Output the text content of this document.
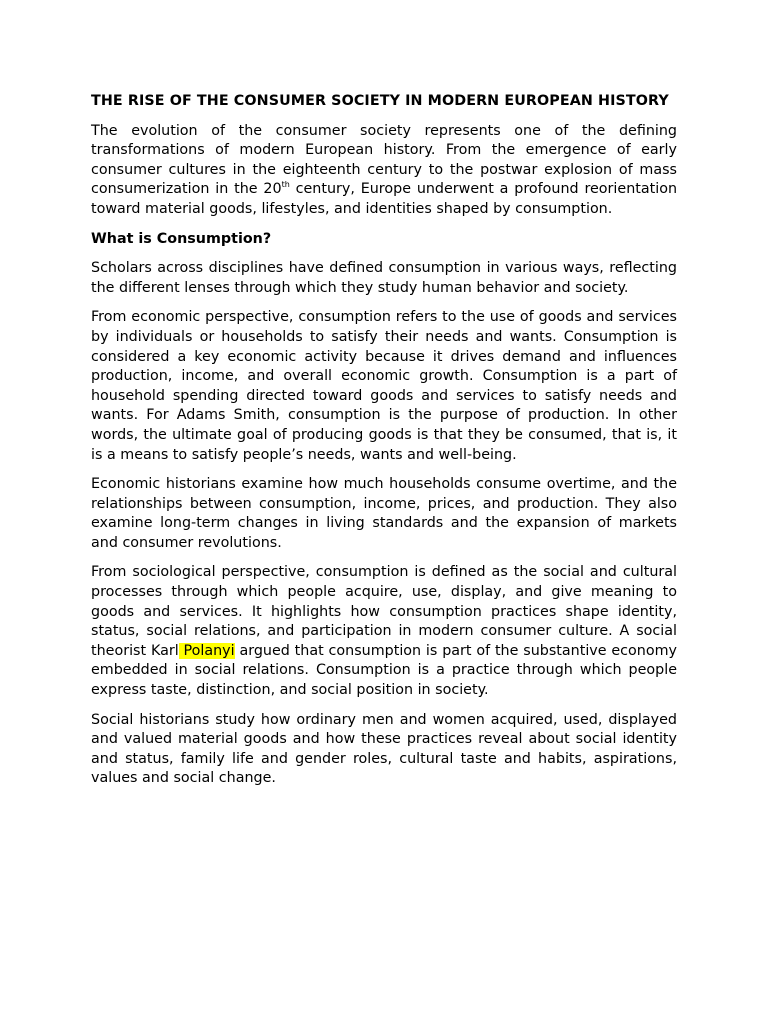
THE RISE OF THE CONSUMER SOCIETY IN MODERN EUROPEAN HISTORY

The evolution of the consumer society represents one of the defining transformations of modern European history. From the emergence of early consumer cultures in the eighteenth century to the postwar explosion of mass consumerization in the 20th century, Europe underwent a profound reorientation toward material goods, lifestyles, and identities shaped by consumption.

What is Consumption?

Scholars across disciplines have defined consumption in various ways, reflecting the different lenses through which they study human behavior and society.

From economic perspective, consumption refers to the use of goods and services by individuals or households to satisfy their needs and wants. Consumption is considered a key economic activity because it drives demand and influences production, income, and overall economic growth. Consumption is a part of household spending directed toward goods and services to satisfy needs and wants. For Adams Smith, consumption is the purpose of production. In other words, the ultimate goal of producing goods is that they be consumed, that is, it is a means to satisfy people’s needs, wants and well-being.

Economic historians examine how much households consume overtime, and the relationships between consumption, income, prices, and production. They also examine long-term changes in living standards and the expansion of markets and consumer revolutions.

From sociological perspective, consumption is defined as the social and cultural processes through which people acquire, use, display, and give meaning to goods and services. It highlights how consumption practices shape identity, status, social relations, and participation in modern consumer culture. A social theorist Karl Polanyi argued that consumption is part of the substantive economy embedded in social relations. Consumption is a practice through which people express taste, distinction, and social position in society.

Social historians study how ordinary men and women acquired, used, displayed and valued material goods and how these practices reveal about social identity and status, family life and gender roles, cultural taste and habits, aspirations, values and social change.
